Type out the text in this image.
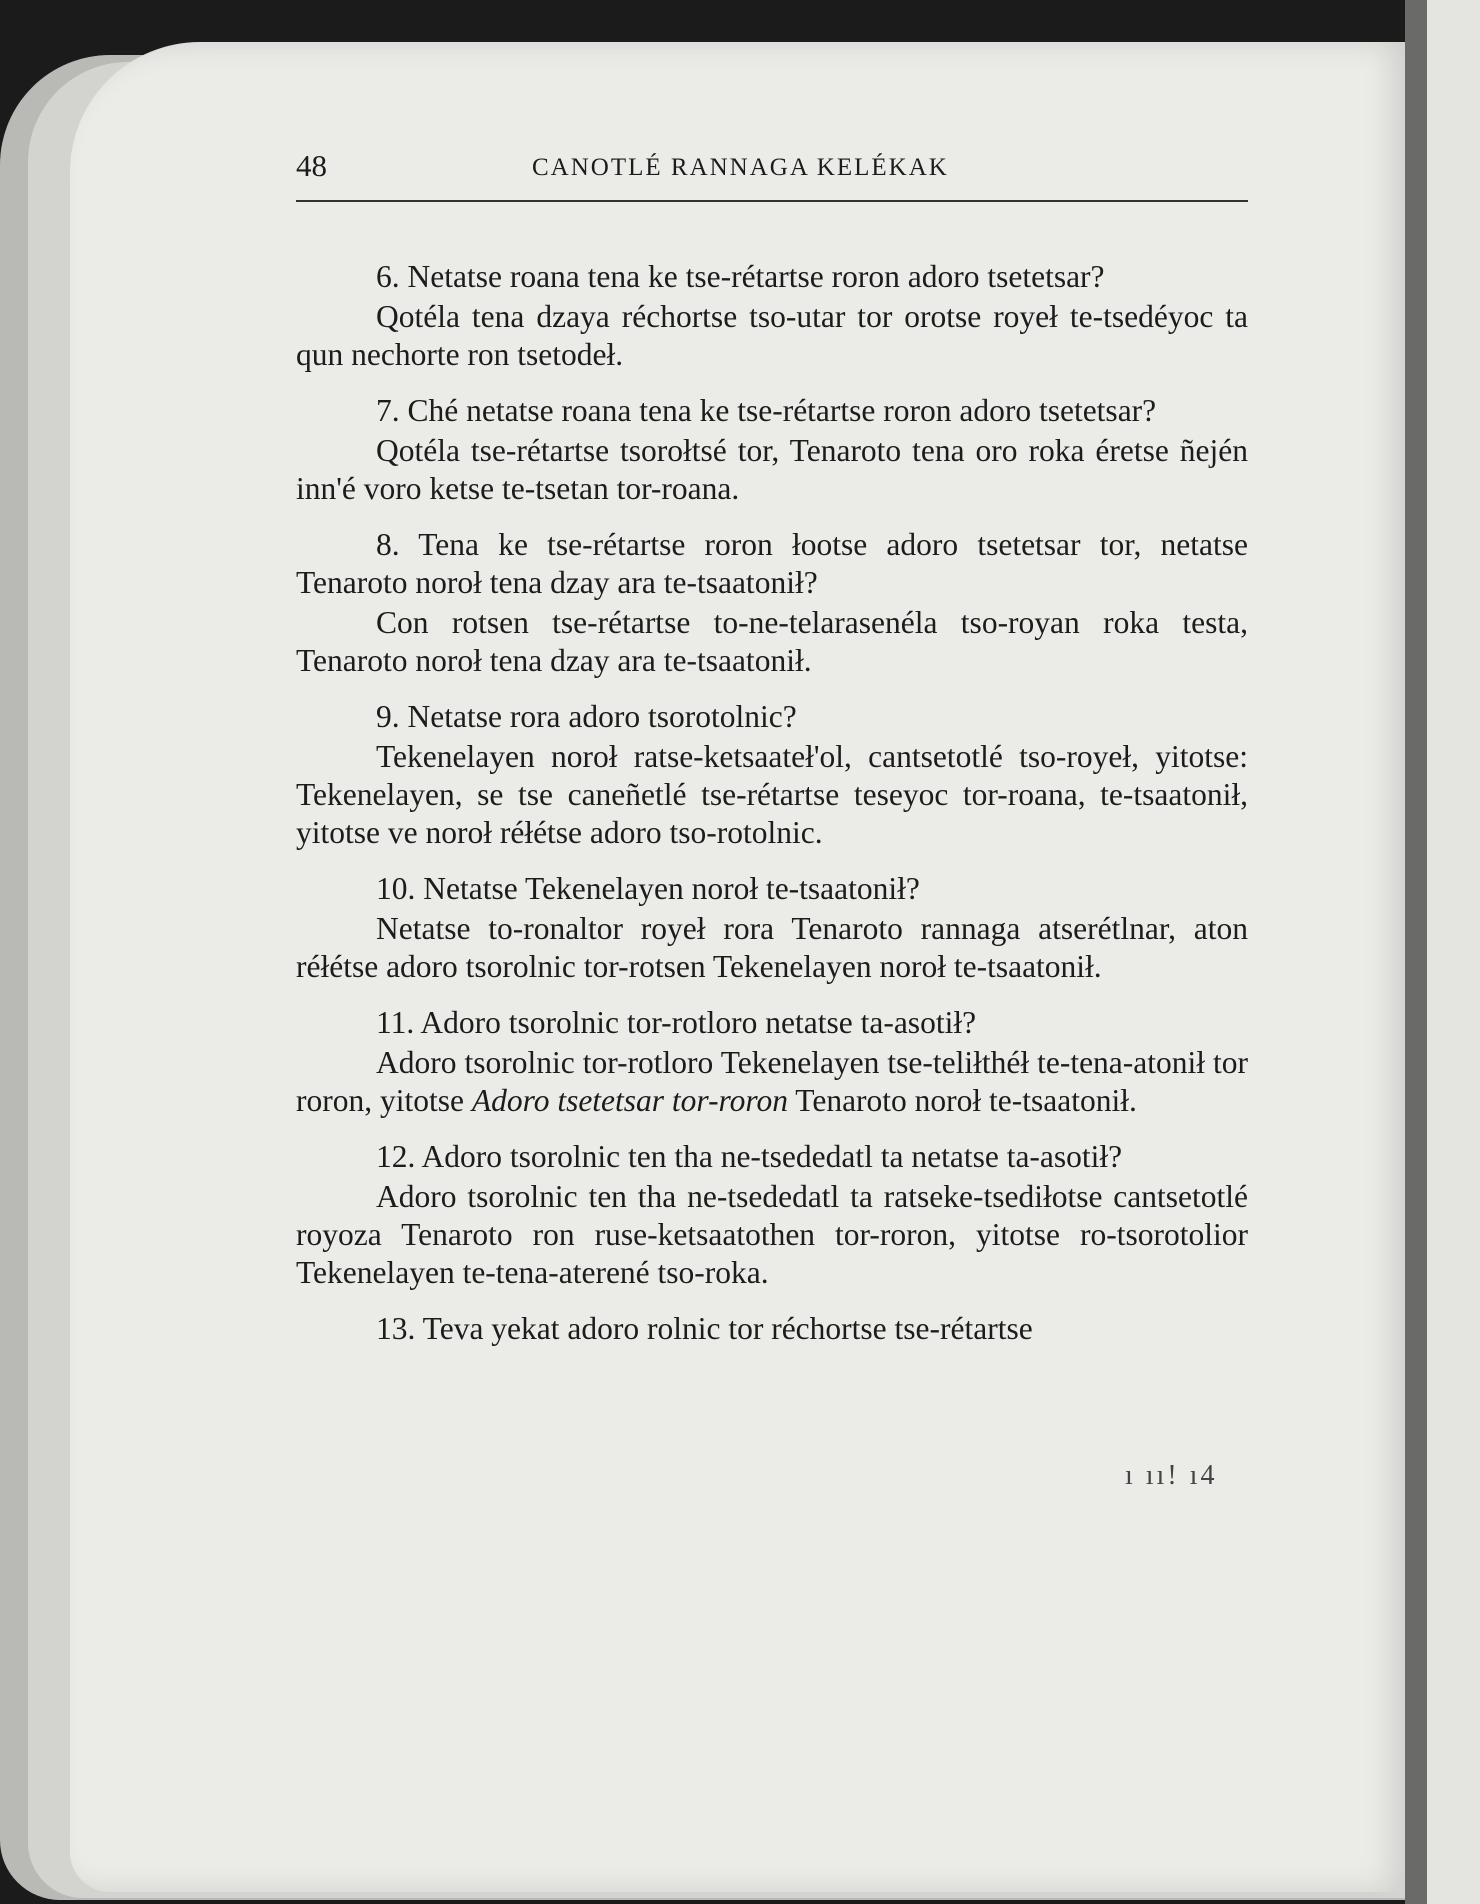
48	CANOTLÉ RANNAGA KELÉKAK

6. Netatse roana tena ke tse-rétartse roron adoro tsetetsar?

Qotéla tena dzaya réchortse tso-utar tor orotse royeł te-tsedéyoc ta qun nechorte ron tsetodeł.

7. Ché netatse roana tena ke tse-rétartse roron adoro tsetetsar?

Qotéla tse-rétartse tsorołtsé tor, Tenaroto tena oro roka éretse ñején inn'é voro ketse te-tsetan tor-roana.

8. Tena ke tse-rétartse roron łootse adoro tsetetsar tor, netatse Tenaroto noroł tena dzay ara te-tsaatonił?

Con rotsen tse-rétartse to-ne-telarasenéla tso-royan roka testa, Tenaroto noroł tena dzay ara te-tsaatonił.

9. Netatse rora adoro tsorotolnic?

Tekenelayen noroł ratse-ketsaateł'ol, cantsetotlé tso-royeł, yitotse: Tekenelayen, se tse caneñetlé tse-rétartse teseyoc tor-roana, te-tsaatonił, yitotse ve noroł réłétse adoro tso-rotolnic.

10. Netatse Tekenelayen noroł te-tsaatonił?

Netatse to-ronaltor royeł rora Tenaroto rannaga atserétlnar, aton réłétse adoro tsorolnic tor-rotsen Tekenelayen noroł te-tsaatonił.

11. Adoro tsorolnic tor-rotloro netatse ta-asotił?

Adoro tsorolnic tor-rotloro Tekenelayen tse-teliłthéł te-tena-atonił tor roron, yitotse Adoro tsetetsar tor-roron Tenaroto noroł te-tsaatonił.

12. Adoro tsorolnic ten tha ne-tsededatl ta netatse ta-asotił?

Adoro tsorolnic ten tha ne-tsededatl ta ratseke-tsediłotse cantsetotlé royoza Tenaroto ron ruse-ketsaatothen tor-roron, yitotse ro-tsorotolior Tekenelayen te-tena-aterené tso-roka.

13. Teva yekat adoro rolnic tor réchortse tse-rétartse

ı ıı! ı4
